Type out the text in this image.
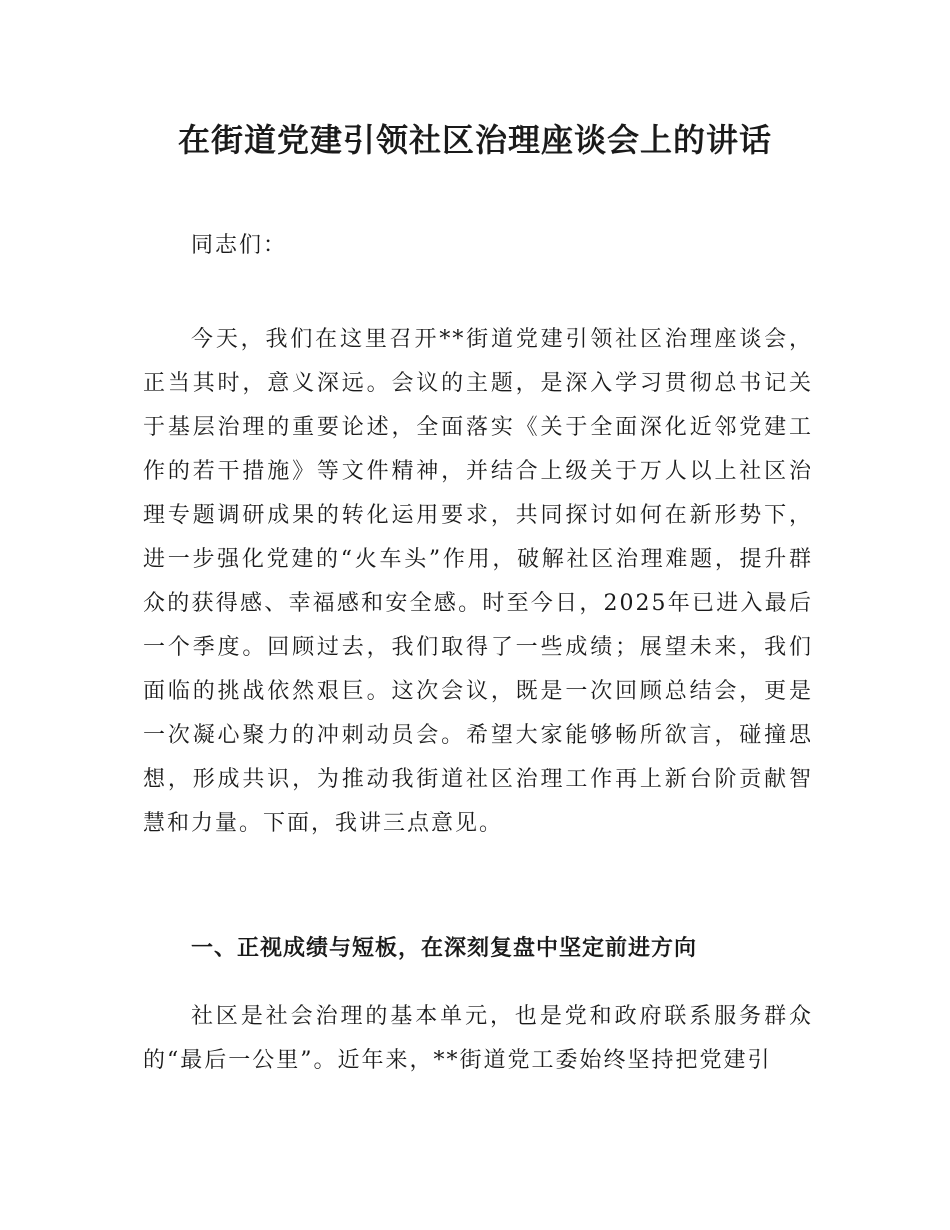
在街道党建引领社区治理座谈会上的讲话

同志们：

今天，我们在这里召开**街道党建引领社区治理座谈会，正当其时，意义深远。会议的主题，是深入学习贯彻总书记关于基层治理的重要论述，全面落实《关于全面深化近邻党建工作的若干措施》等文件精神，并结合上级关于万人以上社区治理专题调研成果的转化运用要求，共同探讨如何在新形势下，进一步强化党建的“火车头”作用，破解社区治理难题，提升群众的获得感、幸福感和安全感。时至今日，2025年已进入最后一个季度。回顾过去，我们取得了一些成绩；展望未来，我们面临的挑战依然艰巨。这次会议，既是一次回顾总结会，更是一次凝心聚力的冲刺动员会。希望大家能够畅所欲言，碰撞思想，形成共识，为推动我街道社区治理工作再上新台阶贡献智慧和力量。下面，我讲三点意见。

一、正视成绩与短板，在深刻复盘中坚定前进方向

社区是社会治理的基本单元，也是党和政府联系服务群众的“最后一公里”。近年来，**街道党工委始终坚持把党建引
